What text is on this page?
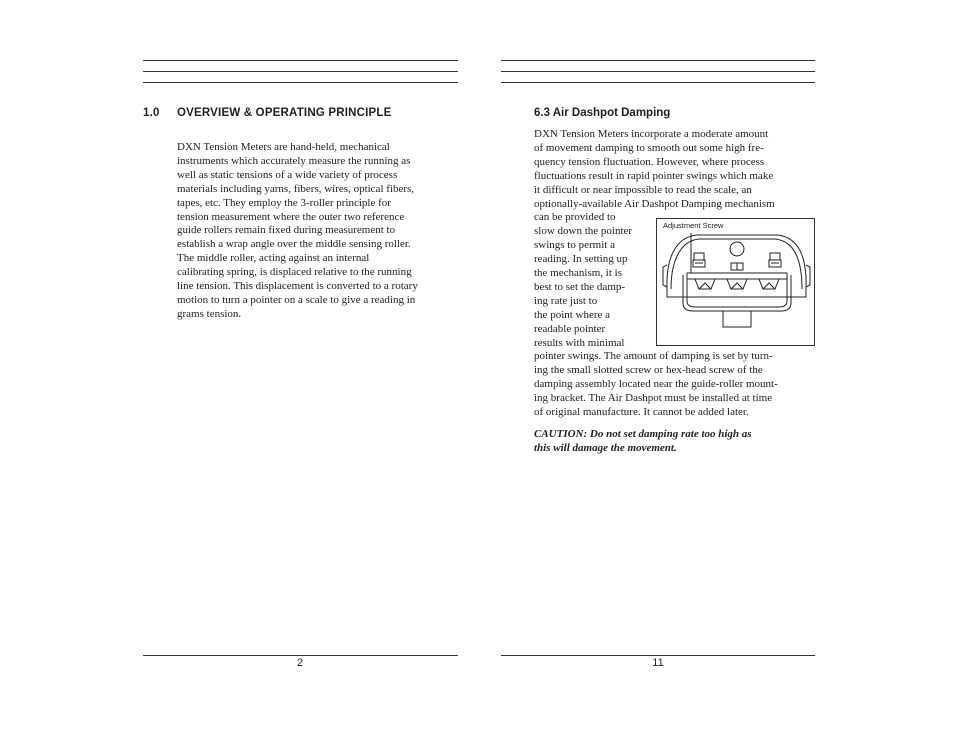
1.0 OVERVIEW & OPERATING PRINCIPLE
DXN Tension Meters are hand-held, mechanical
instruments which accurately measure the running as
well as static tensions of a wide variety of process
materials including yarns, fibers, wires, optical fibers,
tapes, etc. They employ the 3-roller principle for
tension measurement where the outer two reference
guide rollers remain fixed during measurement to
establish a wrap angle over the middle sensing roller.
The middle roller, acting against an internal
calibrating spring, is displaced relative to the running
line tension. This displacement is converted to a rotary
motion to turn a pointer on a scale to give a reading in
grams tension.
2
6.3 Air Dashpot Damping
DXN Tension Meters incorporate a moderate amount
of movement damping to smooth out some high fre-
quency tension fluctuation. However, where process
fluctuations result in rapid pointer swings which make
it difficult or near impossible to read the scale, an
optionally-available Air Dashpot Damping mechanism
can be provided to
slow down the pointer
swings to permit a
reading. In setting up
the mechanism, it is
best to set the damp-
ing rate just to
the point where a
readable pointer
results with minimal
pointer swings. The amount of damping is set by turn-
ing the small slotted screw or hex-head screw of the
damping assembly located near the guide-roller mount-
ing bracket. The Air Dashpot must be installed at time
of original manufacture. It cannot be added later.
CAUTION: Do not set damping rate too high as
this will damage the movement.
Adjustment Screw
11
